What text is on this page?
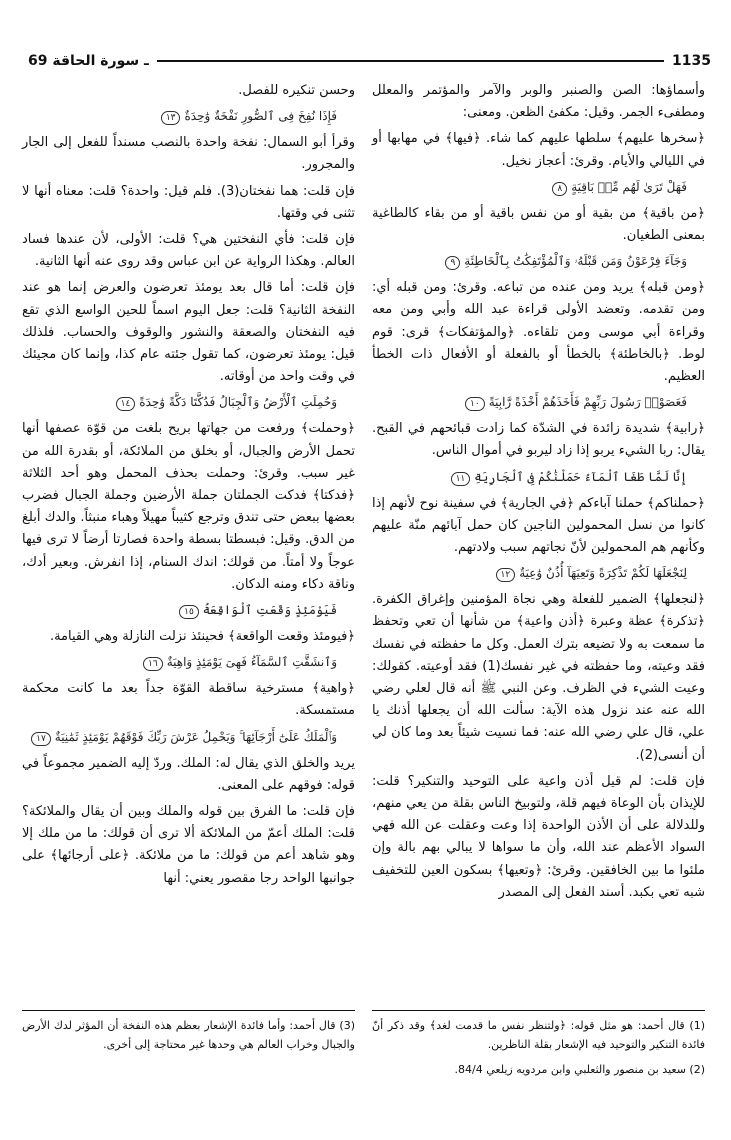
69 ـ سورة الحاقة	1135

وأسماؤها: الصن والصنبر والوبر والآمر والمؤتمر والمعلل ومطفىء الجمر. وقيل: مكفئ الظعن. ومعنى:

﴿سخرها عليهم﴾ سلطها عليهم كما شاء. ﴿فيها﴾ في مهابها أو في الليالي والأيام. وقرئ: أعجاز نخيل.

فَهَلْ تَرَىٰ لَهُم مِّنۢ بَاقِيَةٍ٨

﴿من باقية﴾ من بقية أو من نفس باقية أو من بقاء كالطاغية بمعنى الطغيان.

وَجَآءَ فِرْعَوْنُ وَمَن قَبْلَهُۥ وَٱلْمُؤْتَفِكَٰتُ بِٱلْخَاطِئَةِ٩

﴿ومن قبله﴾ يريد ومن عنده من تباعه. وقرئ: ومن قبله أي: ومن تقدمه. وتعضد الأولى قراءة عبد الله وأبي ومن معه وقراءة أبي موسى ومن تلقاءه. ﴿والمؤتفكات﴾ قرى: قوم لوط. ﴿بالخاطئة﴾ بالخطأ أو بالفعلة أو الأفعال ذات الخطأ العظيم.

فَعَصَوْا۟ رَسُولَ رَبِّهِمْ فَأَخَذَهُمْ أَخْذَةً رَّابِيَةً١٠

﴿رابية﴾ شديدة زائدة في الشدّة كما زادت قبائحهم في القبح. يقال: ربا الشيء يربو إذا زاد ليربو في أموال الناس.

إِنَّا لَمَّا طَغَا ٱلْمَآءُ حَمَلْنَٰكُمْ فِى ٱلْجَارِيَةِ١١

﴿حملناكم﴾ حملنا آباءكم ﴿في الجارية﴾ في سفينة نوح لأنهم إذا كانوا من نسل المحمولين الناجين كان حمل آبائهم منّة عليهم وكأنهم هم المحمولين لأنّ نجاتهم سبب ولادتهم.

لِنَجْعَلَهَا لَكُمْ تَذْكِرَةً وَتَعِيَهَآ أُذُنٌ وَٰعِيَةٌ١٢

﴿لنجعلها﴾ الضمير للفعلة وهي نجاة المؤمنين وإغراق الكفرة. ﴿تذكرة﴾ عظة وعبرة ﴿أذن واعية﴾ من شأنها أن تعي وتحفظ ما سمعت به ولا تضيعه بترك العمل. وكل ما حفظته في نفسك فقد وعيته، وما حفظته في غير نفسك(1) فقد أوعيته. كقولك: وعيت الشيء في الظرف. وعن النبي ﷺ أنه قال لعلي رضي الله عنه عند نزول هذه الآية: سألت الله أن يجعلها أذنك يا علي، قال علي رضي الله عنه: فما نسيت شيئاً بعد وما كان لي أن أنسى(2).

فإن قلت: لم قيل أذن واعية على التوحيد والتنكير؟ قلت: للإيذان بأن الوعاة فيهم قلة، ولتوبيخ الناس بقلة من يعي منهم، وللدلالة على أن الأذن الواحدة إذا وعت وعقلت عن الله فهي السواد الأعظم عند الله، وأن ما سواها لا يبالي بهم بالة وإن ملئوا ما بين الخافقين. وقرئ: ﴿وتعيها﴾ بسكون العين للتخفيف شبه تعي بكبد. أسند الفعل إلى المصدر

وحسن تنكيره للفصل.

فَإِذَا نُفِخَ فِى ٱلصُّورِ نَفْخَةٌ وَٰحِدَةٌ١٣

وقرأ أبو السمال: نفخة واحدة بالنصب مسنداً للفعل إلى الجار والمجرور.

فإن قلت: هما نفختان(3). فلم قيل: واحدة؟ قلت: معناه أنها لا تثنى في وقتها.

فإن قلت: فأي النفختين هي؟ قلت: الأولى، لأن عندها فساد العالم. وهكذا الرواية عن ابن عباس وقد روى عنه أنها الثانية.

فإن قلت: أما قال بعد يومئذ تعرضون والعرض إنما هو عند النفخة الثانية؟ قلت: جعل اليوم اسماً للحين الواسع الذي تقع فيه النفختان والصعقة والنشور والوقوف والحساب. فلذلك قيل: يومئذ تعرضون، كما تقول جئته عام كذا، وإنما كان مجيئك في وقت واحد من أوقاته.

وَحُمِلَتِ ٱلْأَرْضُ وَٱلْجِبَالُ فَدُكَّتَا دَكَّةً وَٰحِدَةً١٤

﴿وحملت﴾ ورفعت من جهاتها بريح بلغت من قوّة عصفها أنها تحمل الأرض والجبال، أو بخلق من الملائكة، أو بقدرة الله من غير سبب. وقرئ: وحملت بحذف المحمل وهو أحد الثلاثة ﴿فدكتا﴾ فدكت الجملتان جملة الأرضين وجملة الجبال فضرب بعضها ببعض حتى تندق وترجع كثيباً مهيلاً وهباء منبثاً. والدك أبلغ من الدق. وقيل: فبسطتا بسطة واحدة فصارتا أرضاً لا ترى فيها عوجاً ولا أمتاً. من قولك: اندك السنام، إذا انفرش. وبعير أدك، وناقة دكاء ومنه الدكان.

فَيَوْمَئِذٍ وَقَعَتِ ٱلْوَاقِعَةُ١٥

﴿فيومئذ وقعت الواقعة﴾ فحينئذ نزلت النازلة وهي القيامة.

وَٱنشَقَّتِ ٱلسَّمَآءُ فَهِىَ يَوْمَئِذٍ وَاهِيَةٌ١٦

﴿واهية﴾ مسترخية ساقطة القوّة جداً بعد ما كانت محكمة مستمسكة.

وَٱلْمَلَكُ عَلَىٰٓ أَرْجَآئِهَا ۚ وَيَحْمِلُ عَرْشَ رَبِّكَ فَوْقَهُمْ يَوْمَئِذٍ ثَمَٰنِيَةٌ١٧

يريد والخلق الذي يقال له: الملك. وردّ إليه الضمير مجموعاً في قوله: فوقهم على المعنى.

فإن قلت: ما الفرق بين قوله والملك وبين أن يقال والملائكة؟ قلت: الملك أعمّ من الملائكة ألا ترى أن قولك: ما من ملك إلا وهو شاهد أعم من قولك: ما من ملائكة. ﴿على أرجائها﴾ على جوانبها الواحد رجا مقصور يعني: أنها

(1) قال أحمد: هو مثل قوله: ﴿ولتنظر نفس ما قدمت لغد﴾ وقد ذكر أنّ فائدة التنكير والتوحيد فيه الإشعار بقلة الناظرين.

(2) سعيد بن منصور والثعلبي وابن مردويه زيلعي 84/4.

(3) قال أحمد: وأما فائدة الإشعار بعظم هذه النفخة أن المؤثر لدك الأرض والجبال وخراب العالم هي وحدها غير محتاجة إلى أخرى.
